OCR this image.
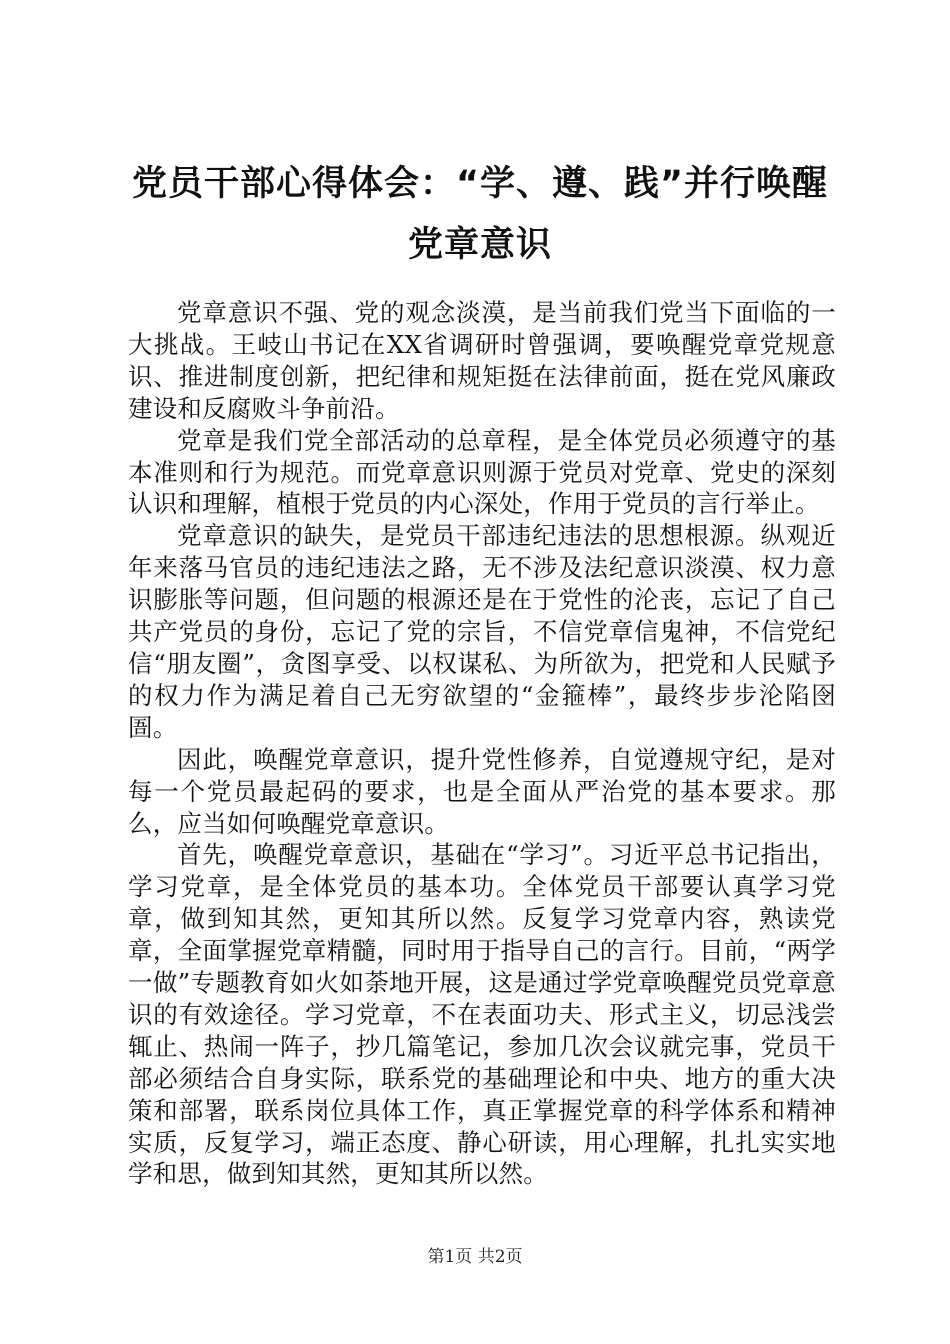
党员干部心得体会：“学、遵、践”并行唤醒
党章意识

党章意识不强、党的观念淡漠，是当前我们党当下面临的一大挑战。王岐山书记在XX省调研时曾强调，要唤醒党章党规意识、推进制度创新，把纪律和规矩挺在法律前面，挺在党风廉政建设和反腐败斗争前沿。

党章是我们党全部活动的总章程，是全体党员必须遵守的基本准则和行为规范。而党章意识则源于党员对党章、党史的深刻认识和理解，植根于党员的内心深处，作用于党员的言行举止。

党章意识的缺失，是党员干部违纪违法的思想根源。纵观近年来落马官员的违纪违法之路，无不涉及法纪意识淡漠、权力意识膨胀等问题，但问题的根源还是在于党性的沦丧，忘记了自己共产党员的身份，忘记了党的宗旨，不信党章信鬼神，不信党纪信“朋友圈”，贪图享受、以权谋私、为所欲为，把党和人民赋予的权力作为满足着自己无穷欲望的“金箍棒”，最终步步沦陷囹圄。

因此，唤醒党章意识，提升党性修养，自觉遵规守纪，是对每一个党员最起码的要求，也是全面从严治党的基本要求。那么，应当如何唤醒党章意识。

首先，唤醒党章意识，基础在“学习”。习近平总书记指出，学习党章，是全体党员的基本功。全体党员干部要认真学习党章，做到知其然，更知其所以然。反复学习党章内容，熟读党章，全面掌握党章精髓，同时用于指导自己的言行。目前，“两学一做”专题教育如火如荼地开展，这是通过学党章唤醒党员党章意识的有效途径。学习党章，不在表面功夫、形式主义，切忌浅尝辄止、热闹一阵子，抄几篇笔记，参加几次会议就完事，党员干部必须结合自身实际，联系党的基础理论和中央、地方的重大决策和部署，联系岗位具体工作，真正掌握党章的科学体系和精神实质，反复学习，端正态度、静心研读，用心理解，扎扎实实地学和思，做到知其然，更知其所以然。

第1页 共2页
